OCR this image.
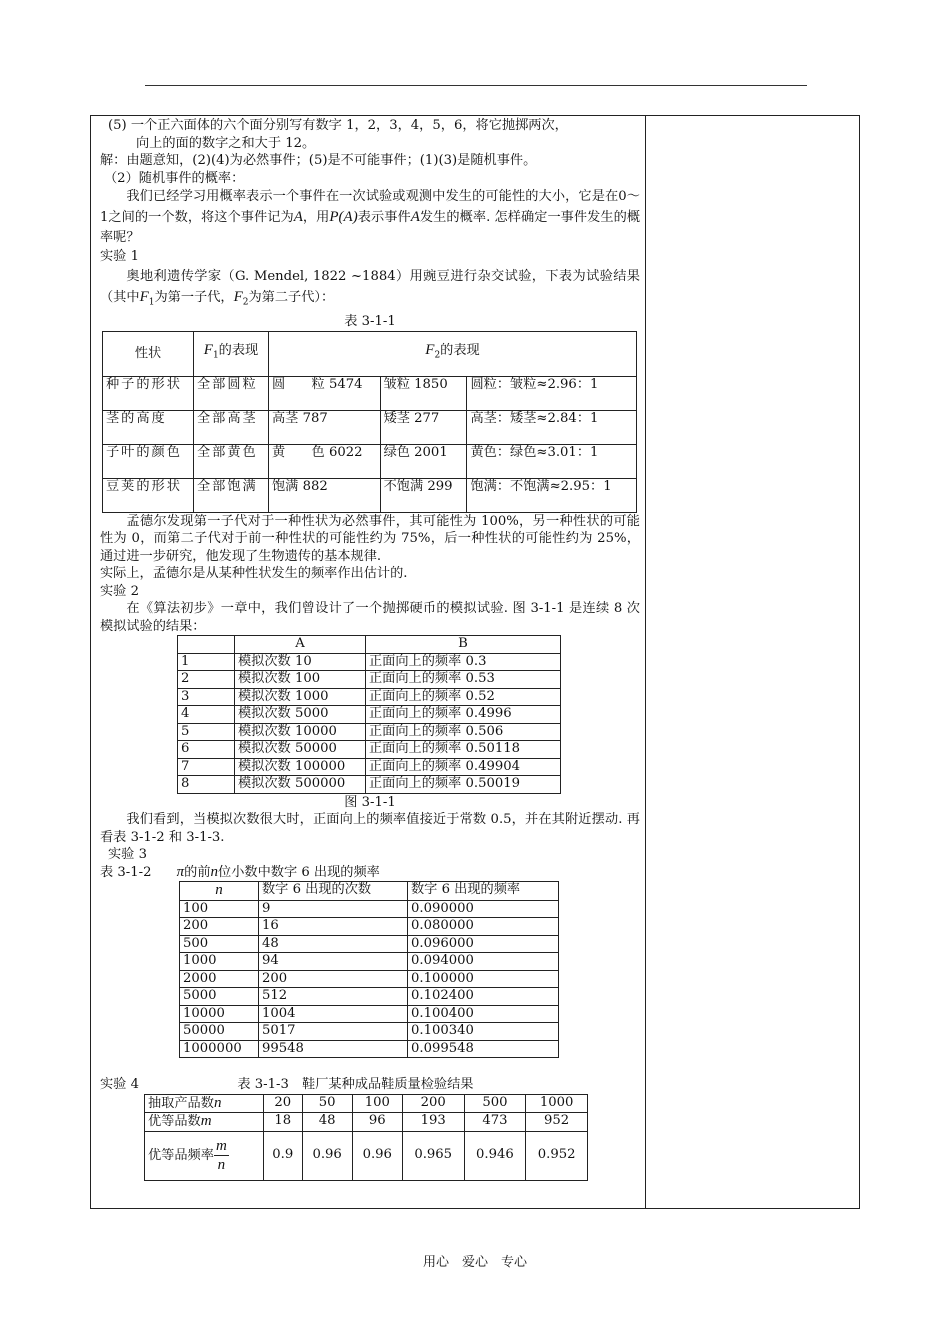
(5) 一个正六面体的六个面分别写有数字 1，2，3，4，5，6，将它抛掷两次，

向上的面的数字之和大于 12。

解：由题意知，(2)(4)为必然事件；(5)是不可能事件；(1)(3)是随机事件。

（2）随机事件的概率：

我们已经学习用概率表示一个事件在一次试验或观测中发生的可能性的大小，它是在0～1之间的一个数，将这个事件记为A，用P(A)表示事件A发生的概率. 怎样确定一事件发生的概率呢？

实验 1

奥地利遗传学家（G. Mendel, 1822 ~1884）用豌豆进行杂交试验，下表为试验结果（其中$F_1$为第一子代，$F_2$为第二子代）：

表 3-1-1

性状	$F_1$的表现	$F_2$的表现		
种子的形状	全部圆粒	圆　　粒 5474	皱粒 1850	圆粒：皱粒≈2.96：1
茎的高度	全部高茎	高茎 787	矮茎 277	高茎：矮茎≈2.84：1
子叶的颜色	全部黄色	黄　　色 6022	绿色 2001	黄色：绿色≈3.01：1
豆荚的形状	全部饱满	饱满 882	不饱满 299	饱满：不饱满≈2.95：1

孟德尔发现第一子代对于一种性状为必然事件，其可能性为 100%，另一种性状的可能性为 0，而第二子代对于前一种性状的可能性约为 75%，后一种性状的可能性约为 25%，通过进一步研究，他发现了生物遗传的基本规律.

实际上，孟德尔是从某种性状发生的频率作出估计的.

实验 2

在《算法初步》一章中，我们曾设计了一个抛掷硬币的模拟试验. 图 3-1-1 是连续 8 次模拟试验的结果：

	A	B
1	模拟次数 10	正面向上的频率 0.3
2	模拟次数 100	正面向上的频率 0.53
3	模拟次数 1000	正面向上的频率 0.52
4	模拟次数 5000	正面向上的频率 0.4996
5	模拟次数 10000	正面向上的频率 0.506
6	模拟次数 50000	正面向上的频率 0.50118
7	模拟次数 100000	正面向上的频率 0.49904
8	模拟次数 500000	正面向上的频率 0.50019

图 3-1-1

我们看到，当模拟次数很大时，正面向上的频率值接近于常数 0.5，并在其附近摆动. 再看表 3-1-2 和 3-1-3.

实验 3

表 3-1-2 π的前n位小数中数字 6 出现的频率

n	数字 6 出现的次数	数字 6 出现的频率
100	9	0.090000
200	16	0.080000
500	48	0.096000
1000	94	0.094000
2000	200	0.100000
5000	512	0.102400
10000	1004	0.100400
50000	5017	0.100340
1000000	99548	0.099548

实验 4	表 3-1-3　鞋厂某种成品鞋质量检验结果

抽取产品数n	20	50	100	200	500	1000
优等品数m	18	48	96	193	473	952
优等品频率 $\frac{m}{n}$	0.9	0.96	0.96	0.965	0.946	0.952
用心　爱心　专心
